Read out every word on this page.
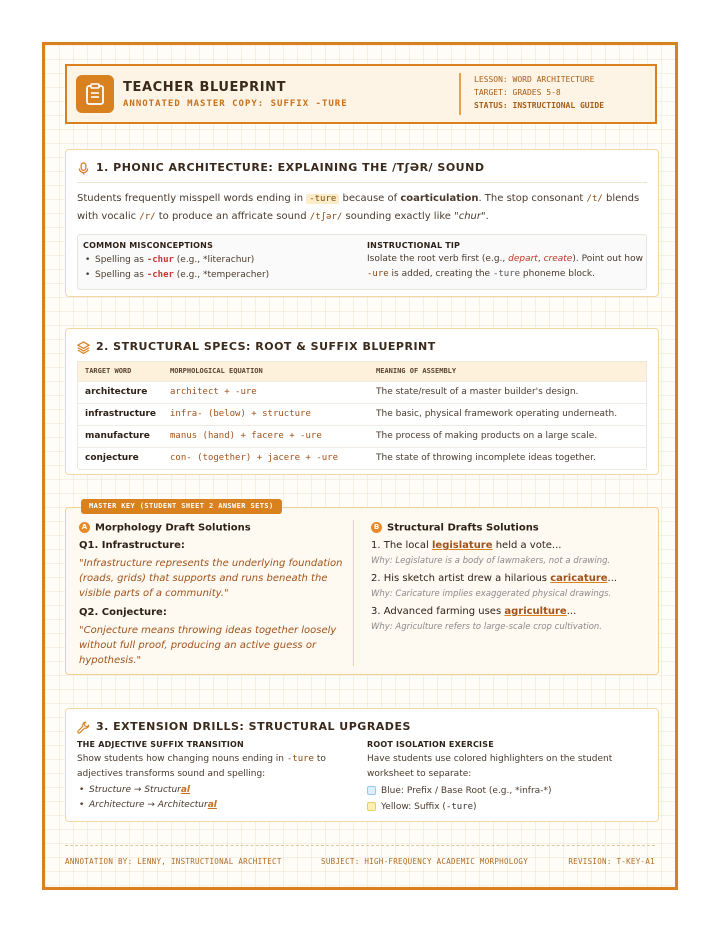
TEACHER BLUEPRINT
ANNOTATED MASTER COPY: SUFFIX -TURE
LESSON: WORD ARCHITECTURE
TARGET: GRADES 5-8
STATUS: INSTRUCTIONAL GUIDE
1. PHONIC ARCHITECTURE: EXPLAINING THE /TʃƏR/ SOUND
Students frequently misspell words ending in -ture because of coarticulation. The stop consonant /t/ blends with vocalic /r/ to produce an affricate sound /tʃər/ sounding exactly like "chur".
COMMON MISCONCEPTIONS
• Spelling as -chur (e.g., *literachur)
• Spelling as -cher (e.g., *temperacher)
INSTRUCTIONAL TIP
Isolate the root verb first (e.g., depart, create). Point out how -ure is added, creating the -ture phoneme block.
2. STRUCTURAL SPECS: ROOT & SUFFIX BLUEPRINT
TARGET WORD	MORPHOLOGICAL EQUATION	MEANING OF ASSEMBLY
architecture	architect + -ure	The state/result of a master builder's design.
infrastructure	infra- (below) + structure	The basic, physical framework operating underneath.
manufacture	manus (hand) + facere + -ure	The process of making products on a large scale.
conjecture	con- (together) + jacere + -ure	The state of throwing incomplete ideas together.
MASTER KEY (STUDENT SHEET 2 ANSWER SETS)
A Morphology Draft Solutions
Q1. Infrastructure:
"Infrastructure represents the underlying foundation (roads, grids) that supports and runs beneath the visible parts of a community."
Q2. Conjecture:
"Conjecture means throwing ideas together loosely without full proof, producing an active guess or hypothesis."
B Structural Drafts Solutions
1. The local legislature held a vote...
Why: Legislature is a body of lawmakers, not a drawing.
2. His sketch artist drew a hilarious caricature...
Why: Caricature implies exaggerated physical drawings.
3. Advanced farming uses agriculture...
Why: Agriculture refers to large-scale crop cultivation.
3. EXTENSION DRILLS: STRUCTURAL UPGRADES
THE ADJECTIVE SUFFIX TRANSITION
Show students how changing nouns ending in -ture to adjectives transforms sound and spelling:
• Structure → Structural
• Architecture → Architectural
ROOT ISOLATION EXERCISE
Have students use colored highlighters on the student worksheet to separate:
Blue: Prefix / Base Root (e.g., *infra-*)
Yellow: Suffix (-ture)
ANNOTATION BY: LENNY, INSTRUCTIONAL ARCHITECT	SUBJECT: HIGH-FREQUENCY ACADEMIC MORPHOLOGY	REVISION: T-KEY-A1
